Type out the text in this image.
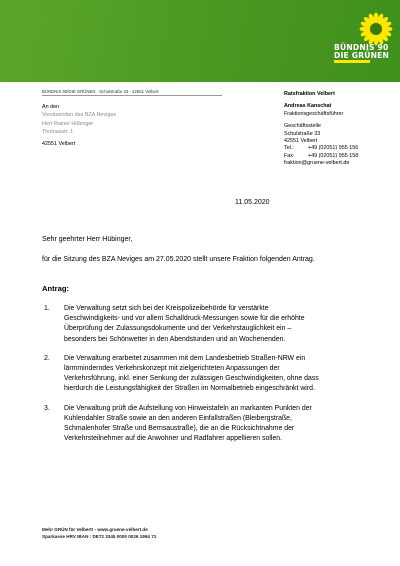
BÜNDNIS 90
DIE GRÜNEN
BÜNDNIS 90/DIE GRÜNEN · Schulstraße 33 · 42551 Velbert
An den
Vorsitzenden des BZA Neviges
Herr Rainer Hübinger
Thomasstr. 1
42551 Velbert
Ratsfraktion Velbert
Andreas Kanschat
Fraktionsgeschäftsführer
Geschäftsstelle
Schulstraße 33
42551 Velbert
Tel.:	+49 (02051) 955 156
Fax:	+49 (02051) 955 158
fraktion@gruene-velbert.de
11.05.2020
Sehr geehrter Herr Hübinger,
für die Sitzung des BZA Neviges am 27.05.2020 stellt unsere Fraktion folgenden Antrag.
Antrag:
1.	Die Verwaltung setzt sich bei der Kreispolizeibehörde für verstärkte
Geschwindigkeits- und vor allem Schalldruck-Messungen sowie für die erhöhte
Überprüfung der Zulassungsdokumente und der Verkehrstauglichkeit ein –
besonders bei Schönwetter in den Abendstunden und an Wochenenden.
2.	Die Verwaltung erarbeitet zusammen mit dem Landesbetrieb Straßen-NRW ein
lärmminderndes Verkehrskonzept mit zielgerichteten Anpassungen der
Verkehrsführung, inkl. einer Senkung der zulässigen Geschwindigkeiten, ohne dass
hierdurch die Leistungsfähigkeit der Straßen im Normalbetrieb eingeschränkt wird.
3.	Die Verwaltung prüft die Aufstellung von Hinweistafeln an markanten Punkten der
Kuhlendahler Straße sowie an den anderen Einfallstraßen (Bleibergstraße,
Schmalenhofer Straße und Bernsaustraße), die an die Rücksichtnahme der
Verkehrsteilnehmer auf die Anwohner und Radfahrer appellieren sollen.
Mehr GRÜN für Velbert! - www.gruene-velbert.de
Sparkasse HRV IBAN : DE72 3345 0000 0026 1994 71
